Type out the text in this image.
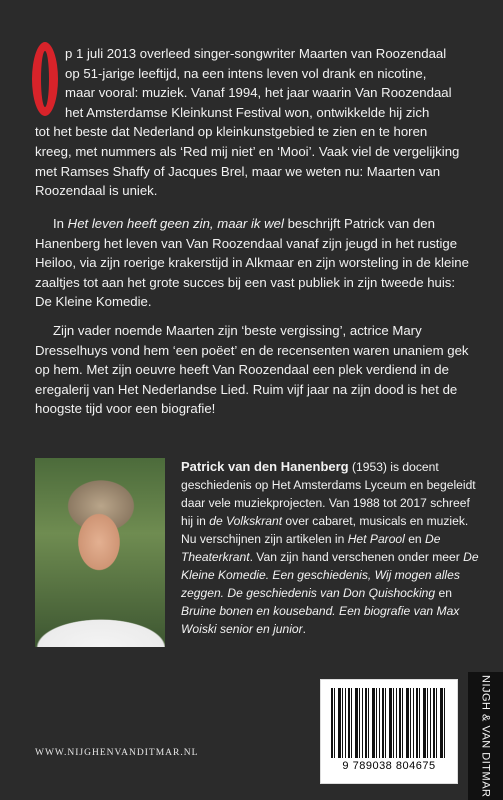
p 1 juli 2013 overleed singer-songwriter Maarten van Roozendaal
op 51-jarige leeftijd, na een intens leven vol drank en nicotine,
maar vooral: muziek. Vanaf 1994, het jaar waarin Van Roozendaal
het Amsterdamse Kleinkunst Festival won, ontwikkelde hij zich
tot het beste dat Nederland op kleinkunstgebied te zien en te horen
kreeg, met nummers als ‘Red mij niet’ en ‘Mooi’. Vaak viel de vergelijking
met Ramses Shaffy of Jacques Brel, maar we weten nu: Maarten van
Roozendaal is uniek.

In Het leven heeft geen zin, maar ik wel beschrijft Patrick van den Hanenberg het leven van Van Roozendaal vanaf zijn jeugd in het rustige Heiloo, via zijn roerige krakerstijd in Alkmaar en zijn worsteling in de kleine zaaltjes tot aan het grote succes bij een vast publiek in zijn tweede huis: De Kleine Komedie.

Zijn vader noemde Maarten zijn ‘beste vergissing’, actrice Mary Dresselhuys vond hem ‘een poëet’ en de recensenten waren unaniem gek op hem. Met zijn oeuvre heeft Van Roozendaal een plek verdiend in de eregalerij van Het Nederlandse Lied. Ruim vijf jaar na zijn dood is het de hoogste tijd voor een biografie!

Patrick van den Hanenberg (1953) is docent geschiedenis op Het Amsterdams Lyceum en begeleidt daar vele muziekprojecten. Van 1988 tot 2017 schreef hij in de Volkskrant over cabaret, musicals en muziek. Nu verschijnen zijn artikelen in Het Parool en De Theaterkrant. Van zijn hand verschenen onder meer De Kleine Komedie. Een geschiedenis, Wij mogen alles zeggen. De geschiedenis van Don Quishocking en Bruine bonen en kouseband. Een biografie van Max Woiski senior en junior.

WWW.NIJGHENVANDITMAR.NL
9 789038 804675	NIJGH & VAN DITMAR
